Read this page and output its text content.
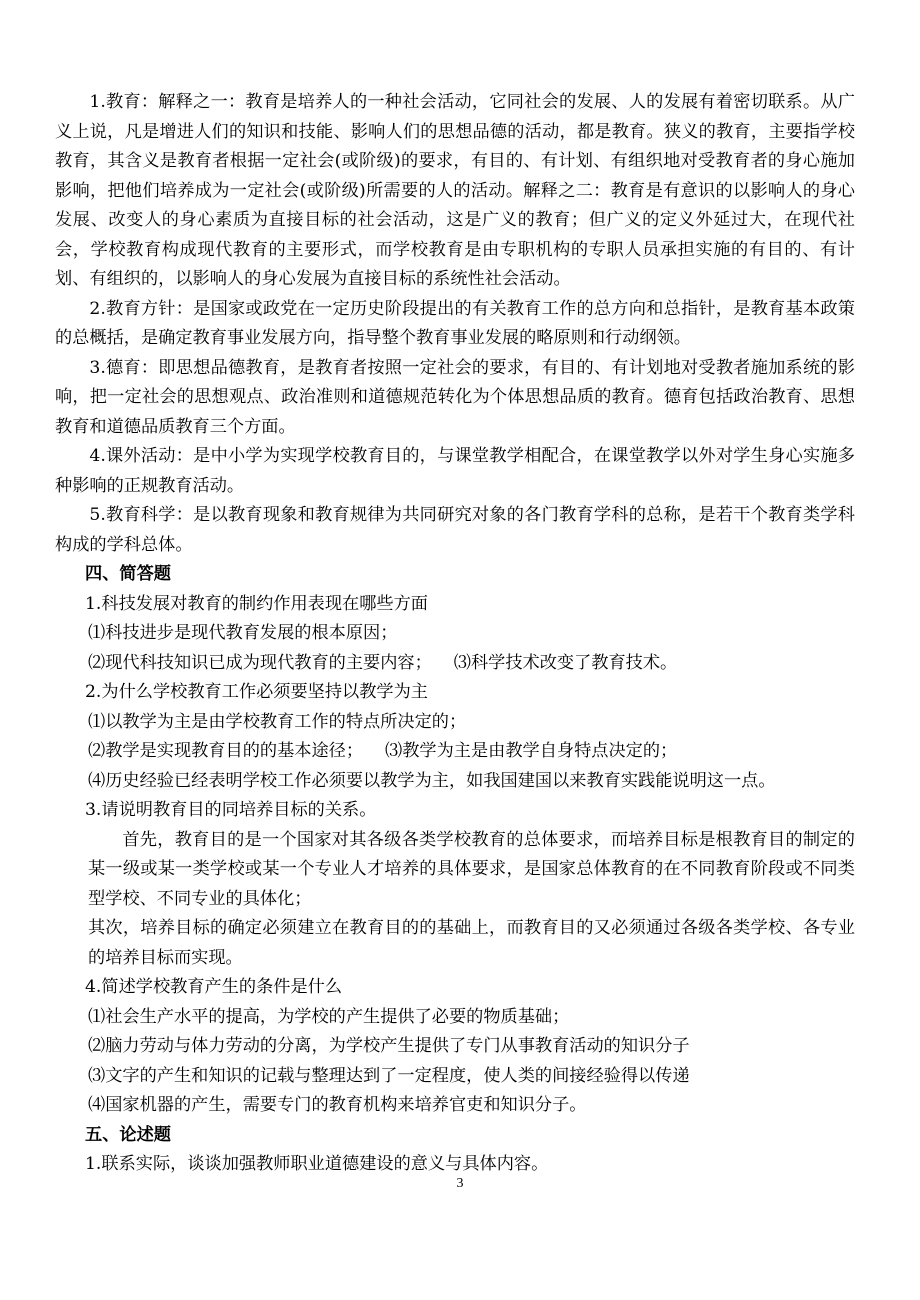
1.教育：解释之一：教育是培养人的一种社会活动，它同社会的发展、人的发展有着密切联系。从广义上说，凡是增进人们的知识和技能、影响人们的思想品德的活动，都是教育。狭义的教育，主要指学校教育，其含义是教育者根据一定社会(或阶级)的要求，有目的、有计划、有组织地对受教育者的身心施加影响，把他们培养成为一定社会(或阶级)所需要的人的活动。解释之二：教育是有意识的以影响人的身心发展、改变人的身心素质为直接目标的社会活动，这是广义的教育；但广义的定义外延过大，在现代社会，学校教育构成现代教育的主要形式，而学校教育是由专职机构的专职人员承担实施的有目的、有计划、有组织的，以影响人的身心发展为直接目标的系统性社会活动。

2.教育方针：是国家或政党在一定历史阶段提出的有关教育工作的总方向和总指针，是教育基本政策的总概括，是确定教育事业发展方向，指导整个教育事业发展的略原则和行动纲领。

3.德育：即思想品德教育，是教育者按照一定社会的要求，有目的、有计划地对受教者施加系统的影响，把一定社会的思想观点、政治准则和道德规范转化为个体思想品质的教育。德育包括政治教育、思想教育和道德品质教育三个方面。

4.课外活动：是中小学为实现学校教育目的，与课堂教学相配合，在课堂教学以外对学生身心实施多种影响的正规教育活动。

5.教育科学：是以教育现象和教育规律为共同研究对象的各门教育学科的总称，是若干个教育类学科构成的学科总体。

四、简答题

1.科技发展对教育的制约作用表现在哪些方面

⑴科技进步是现代教育发展的根本原因；

⑵现代科技知识已成为现代教育的主要内容； ⑶科学技术改变了教育技术。

2.为什么学校教育工作必须要坚持以教学为主

⑴以教学为主是由学校教育工作的特点所决定的；

⑵教学是实现教育目的的基本途径； ⑶教学为主是由教学自身特点决定的；

⑷历史经验已经表明学校工作必须要以教学为主，如我国建国以来教育实践能说明这一点。

3.请说明教育目的同培养目标的关系。

首先，教育目的是一个国家对其各级各类学校教育的总体要求，而培养目标是根教育目的制定的某一级或某一类学校或某一个专业人才培养的具体要求，是国家总体教育的在不同教育阶段或不同类型学校、不同专业的具体化；

其次，培养目标的确定必须建立在教育目的的基础上，而教育目的又必须通过各级各类学校、各专业的培养目标而实现。

4.简述学校教育产生的条件是什么

⑴社会生产水平的提高，为学校的产生提供了必要的物质基础；

⑵脑力劳动与体力劳动的分离，为学校产生提供了专门从事教育活动的知识分子

⑶文字的产生和知识的记载与整理达到了一定程度，使人类的间接经验得以传递

⑷国家机器的产生，需要专门的教育机构来培养官吏和知识分子。

五、论述题

1.联系实际，谈谈加强教师职业道德建设的意义与具体内容。

3
